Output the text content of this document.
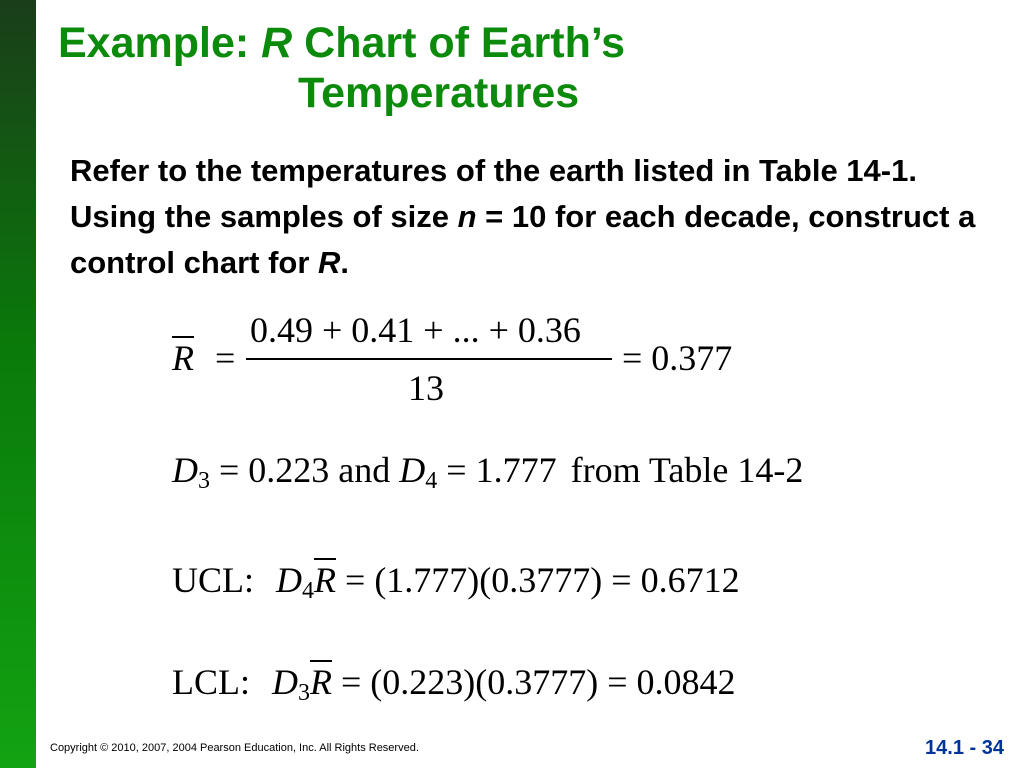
Example: R Chart of Earth’s
Temperatures
Refer to the temperatures of the earth listed in Table 14-1. Using the samples of size n = 10 for each decade, construct a control chart for R.
R =
0.49 + 0.41 + ... + 0.36
13
= 0.377
$D_3 = 0.223$ and $D_4 = 1.777$ from Table 14-2
UCL: $D_4R = (1.777)(0.3777) = 0.6712$
LCL: $D_3R = (0.223)(0.3777) = 0.0842$
Copyright © 2010, 2007, 2004 Pearson Education, Inc. All Rights Reserved.	14.1 - 34
